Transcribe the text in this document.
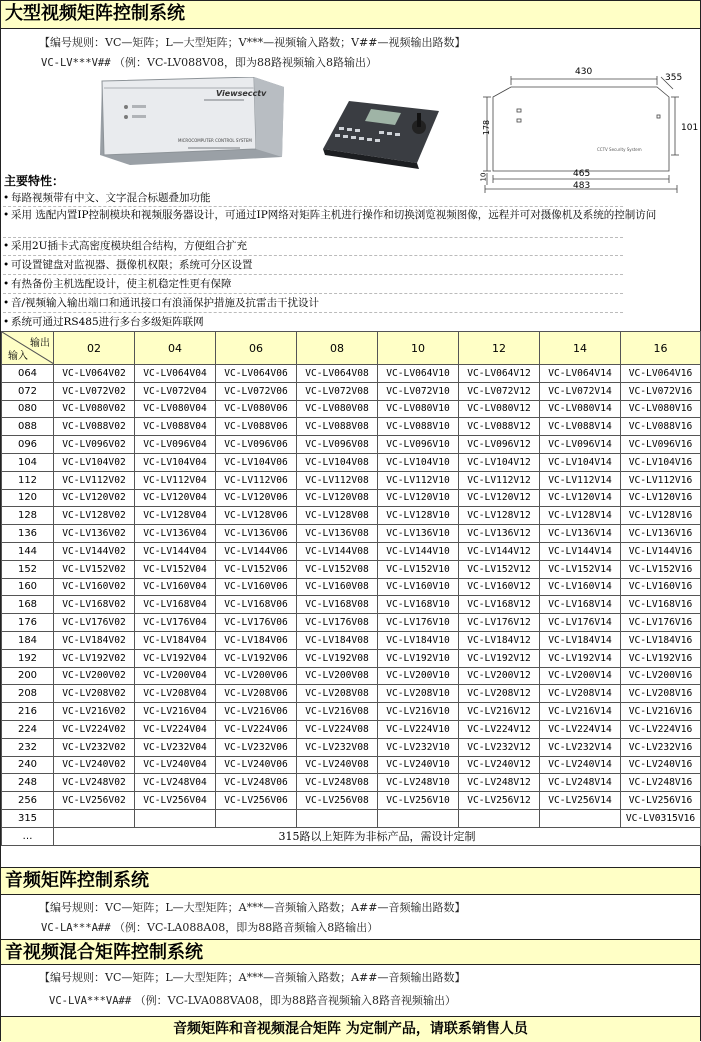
大型视频矩阵控制系统
【编号规则：VC—矩阵；L—大型矩阵；V***—视频输入路数；V##—视频输出路数】
VC-LV***V## （例：VC-LV088V08，即为88路视频输入8路输出）
Viewsecctv
MICROCOMPUTER CONTROL SYSTEM
430
355
178	101
10	465
483
CCTV Security System
主要特性：
• 每路视频带有中文、文字混合标题叠加功能
• 采用 选配内置IP控制模块和视频服务器设计，可通过IP网络对矩阵主机进行操作和切换浏览视频图像，远程并可对摄像机及系统的控制访问
• 采用2U插卡式高密度模块组合结构，方便组合扩充
• 可设置键盘对监视器、摄像机权限；系统可分区设置
• 有热备份主机选配设计，使主机稳定性更有保障
• 音/视频输入输出端口和通讯接口有浪涌保护措施及抗雷击干扰设计
• 系统可通过RS485进行多台多级矩阵联网
输出
输入	02	04	06	08	10	12	14	16
064	VC-LV064V02	VC-LV064V04	VC-LV064V06	VC-LV064V08	VC-LV064V10	VC-LV064V12	VC-LV064V14	VC-LV064V16
072	VC-LV072V02	VC-LV072V04	VC-LV072V06	VC-LV072V08	VC-LV072V10	VC-LV072V12	VC-LV072V14	VC-LV072V16
080	VC-LV080V02	VC-LV080V04	VC-LV080V06	VC-LV080V08	VC-LV080V10	VC-LV080V12	VC-LV080V14	VC-LV080V16
088	VC-LV088V02	VC-LV088V04	VC-LV088V06	VC-LV088V08	VC-LV088V10	VC-LV088V12	VC-LV088V14	VC-LV088V16
096	VC-LV096V02	VC-LV096V04	VC-LV096V06	VC-LV096V08	VC-LV096V10	VC-LV096V12	VC-LV096V14	VC-LV096V16
104	VC-LV104V02	VC-LV104V04	VC-LV104V06	VC-LV104V08	VC-LV104V10	VC-LV104V12	VC-LV104V14	VC-LV104V16
112	VC-LV112V02	VC-LV112V04	VC-LV112V06	VC-LV112V08	VC-LV112V10	VC-LV112V12	VC-LV112V14	VC-LV112V16
120	VC-LV120V02	VC-LV120V04	VC-LV120V06	VC-LV120V08	VC-LV120V10	VC-LV120V12	VC-LV120V14	VC-LV120V16
128	VC-LV128V02	VC-LV128V04	VC-LV128V06	VC-LV128V08	VC-LV128V10	VC-LV128V12	VC-LV128V14	VC-LV128V16
136	VC-LV136V02	VC-LV136V04	VC-LV136V06	VC-LV136V08	VC-LV136V10	VC-LV136V12	VC-LV136V14	VC-LV136V16
144	VC-LV144V02	VC-LV144V04	VC-LV144V06	VC-LV144V08	VC-LV144V10	VC-LV144V12	VC-LV144V14	VC-LV144V16
152	VC-LV152V02	VC-LV152V04	VC-LV152V06	VC-LV152V08	VC-LV152V10	VC-LV152V12	VC-LV152V14	VC-LV152V16
160	VC-LV160V02	VC-LV160V04	VC-LV160V06	VC-LV160V08	VC-LV160V10	VC-LV160V12	VC-LV160V14	VC-LV160V16
168	VC-LV168V02	VC-LV168V04	VC-LV168V06	VC-LV168V08	VC-LV168V10	VC-LV168V12	VC-LV168V14	VC-LV168V16
176	VC-LV176V02	VC-LV176V04	VC-LV176V06	VC-LV176V08	VC-LV176V10	VC-LV176V12	VC-LV176V14	VC-LV176V16
184	VC-LV184V02	VC-LV184V04	VC-LV184V06	VC-LV184V08	VC-LV184V10	VC-LV184V12	VC-LV184V14	VC-LV184V16
192	VC-LV192V02	VC-LV192V04	VC-LV192V06	VC-LV192V08	VC-LV192V10	VC-LV192V12	VC-LV192V14	VC-LV192V16
200	VC-LV200V02	VC-LV200V04	VC-LV200V06	VC-LV200V08	VC-LV200V10	VC-LV200V12	VC-LV200V14	VC-LV200V16
208	VC-LV208V02	VC-LV208V04	VC-LV208V06	VC-LV208V08	VC-LV208V10	VC-LV208V12	VC-LV208V14	VC-LV208V16
216	VC-LV216V02	VC-LV216V04	VC-LV216V06	VC-LV216V08	VC-LV216V10	VC-LV216V12	VC-LV216V14	VC-LV216V16
224	VC-LV224V02	VC-LV224V04	VC-LV224V06	VC-LV224V08	VC-LV224V10	VC-LV224V12	VC-LV224V14	VC-LV224V16
232	VC-LV232V02	VC-LV232V04	VC-LV232V06	VC-LV232V08	VC-LV232V10	VC-LV232V12	VC-LV232V14	VC-LV232V16
240	VC-LV240V02	VC-LV240V04	VC-LV240V06	VC-LV240V08	VC-LV240V10	VC-LV240V12	VC-LV240V14	VC-LV240V16
248	VC-LV248V02	VC-LV248V04	VC-LV248V06	VC-LV248V08	VC-LV248V10	VC-LV248V12	VC-LV248V14	VC-LV248V16
256	VC-LV256V02	VC-LV256V04	VC-LV256V06	VC-LV256V08	VC-LV256V10	VC-LV256V12	VC-LV256V14	VC-LV256V16
315								VC-LV0315V16
…	315路以上矩阵为非标产品，需设计定制							
音频矩阵控制系统
【编号规则：VC—矩阵；L—大型矩阵；A***—音频输入路数；A##—音频输出路数】
VC-LA***A## （例：VC-LA088A08，即为88路音频输入8路输出）
音视频混合矩阵控制系统
【编号规则：VC—矩阵；L—大型矩阵；A***—音频输入路数；A##—音频输出路数】
VC-LVA***VA## （例：VC-LVA088VA08，即为88路音视频输入8路音视频输出）
音频矩阵和音视频混合矩阵 为定制产品，请联系销售人员
